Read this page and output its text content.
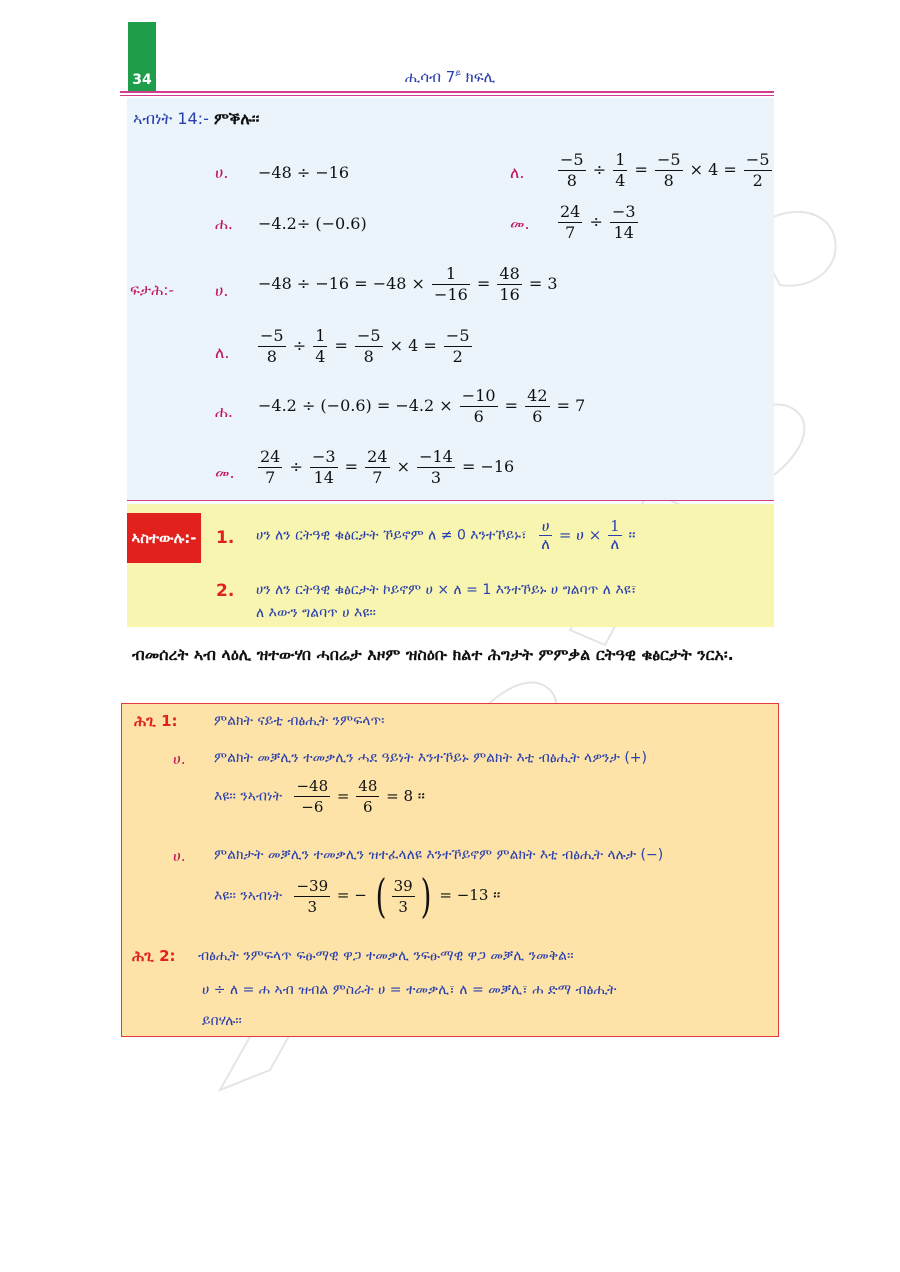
34	ሒሳብ $7^ይ$ ክፍሊ
ኣብነት 14:- ምቕሉ፡፡
ሀ. −48 ÷ −16	ለ. $\frac{-5}{8} \div \frac{1}{4} = \frac{-5}{8} \times 4 = \frac{-5}{2}$
ሐ. −4.2÷ (−0.6)	መ. $\frac{24}{7} \div \frac{-3}{14}$
ፍታሕ:-	ሀ. $-48 \div -16 = -48 \times \frac{1}{-16} = \frac{48}{16} = 3$
ለ. $\frac{-5}{8} \div \frac{1}{4} = \frac{-5}{8} \times 4 = \frac{-5}{2}$
ሐ. $-4.2 \div (-0.6) = -4.2 \times \frac{-10}{6} = \frac{42}{6} = 7$
መ. $\frac{24}{7} \div \frac{-3}{14} = \frac{24}{7} \times \frac{-14}{3} = -16$
ኣስተውሉ:- 1. ሀን ለን ርትዓዊ ቁፅርታት ኾይኖም ለ ≠ 0 እንተኾይኑ፣ $\frac{\text{ሀ}}{\text{ለ}}$ = ሀ × $\frac{1}{\text{ለ}}$ ፡፡
2. ሀን ለን ርትዓዊ ቁፅርታት ኮይኖም ሀ × ለ = 1 እንተኾይኑ ሀ ግልባጥ ለ እዩ፣
ለ እውን ግልባጥ ሀ እዩ፡፡
ብመሰረት ኣብ ላዕሊ ዝተውሃበ ሓበሬታ እዞም ዝስዕቡ ክልተ ሕግታት ምምቃል ርትዓዊ ቁፅርታት ንርአ፡.
ሕጊ 1:	ምልክት ናይቲ ብፅሒት ንምፍላጥ፡
ሀ. ምልክት መቓሊን ተመቃሊን ሓደ ዓይነት እንተኾይኑ ምልክት እቲ ብፅሒት ላዎንታ (+)
እዩ፡፡ ንኣብነት $\frac{-48}{-6} = \frac{48}{6} = 8$ ፡፡
ሀ. ምልክታት መቓሊን ተመቃሊን ዝተፈላለዩ እንተኾይኖም ምልክት እቲ ብፅሒት ላሉታ (−)
እዩ፡፡ ንኣብነት $\frac{-39}{3}$ = − ( $\frac{39}{3}$ ) = −13 ፡፡
ሕጊ 2: ብፅሒት ንምፍላጥ ፍፁማዊ ዋጋ ተመቃሊ ንፍፁማዊ ዋጋ መቓሊ ንመቅል፡፡
ሀ ÷ ለ = ሐ ኣብ ዝብል ምስራት ሀ = ተመቃሊ፣ ለ = መቓሊ፣ ሐ ድማ ብፅሒት
ይበሃሉ፡፡
